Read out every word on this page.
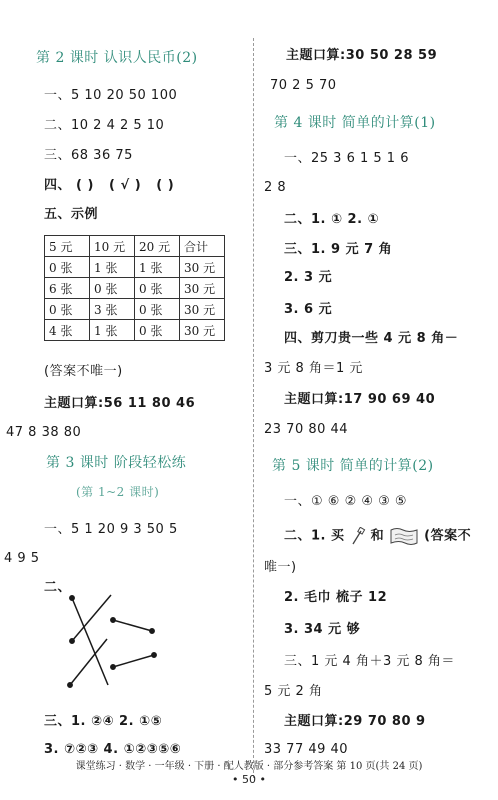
第 2 课时 认识人民币(2)
一、5 10 20 50 100
二、10 2 4 2 5 10
三、68 36 75
四、 ( ) ( √ ) ( )
五、示例
5 元	10 元	20 元	合计
0 张	1 张	1 张	30 元
6 张	0 张	0 张	30 元
0 张	3 张	0 张	30 元
4 张	1 张	0 张	30 元
(答案不唯一)
主题口算:56 11 80 46
47 8 38 80
第 3 课时 阶段轻松练
(第 1~2 课时)
一、5 1 20 9 3 50 5
4 9 5
二、
三、1. ②④ 2. ①⑤
3. ⑦②③ 4. ①②③⑤⑥
主题口算:30 50 28 59
70 2 5 70
第 4 课时 简单的计算(1)
一、25 3 6 1 5 1 6
2 8
二、1. ① 2. ①
三、1. 9 元 7 角
2. 3 元
3. 6 元
四、剪刀贵一些 4 元 8 角－
3 元 8 角＝1 元
主题口算:17 90 69 40
23 70 80 44
第 5 课时 简单的计算(2)
一、① ⑥ ② ④ ③ ⑤
二、1. 买 和	(答案不
唯一)
2. 毛巾 梳子 12
3. 34 元 够
三、1 元 4 角＋3 元 8 角＝
5 元 2 角
主题口算:29 70 80 9
33 77 49 40
课堂练习 · 数学 · 一年级 · 下册 · 配人教版 · 部分参考答案 第 10 页(共 24 页)
• 50 •
